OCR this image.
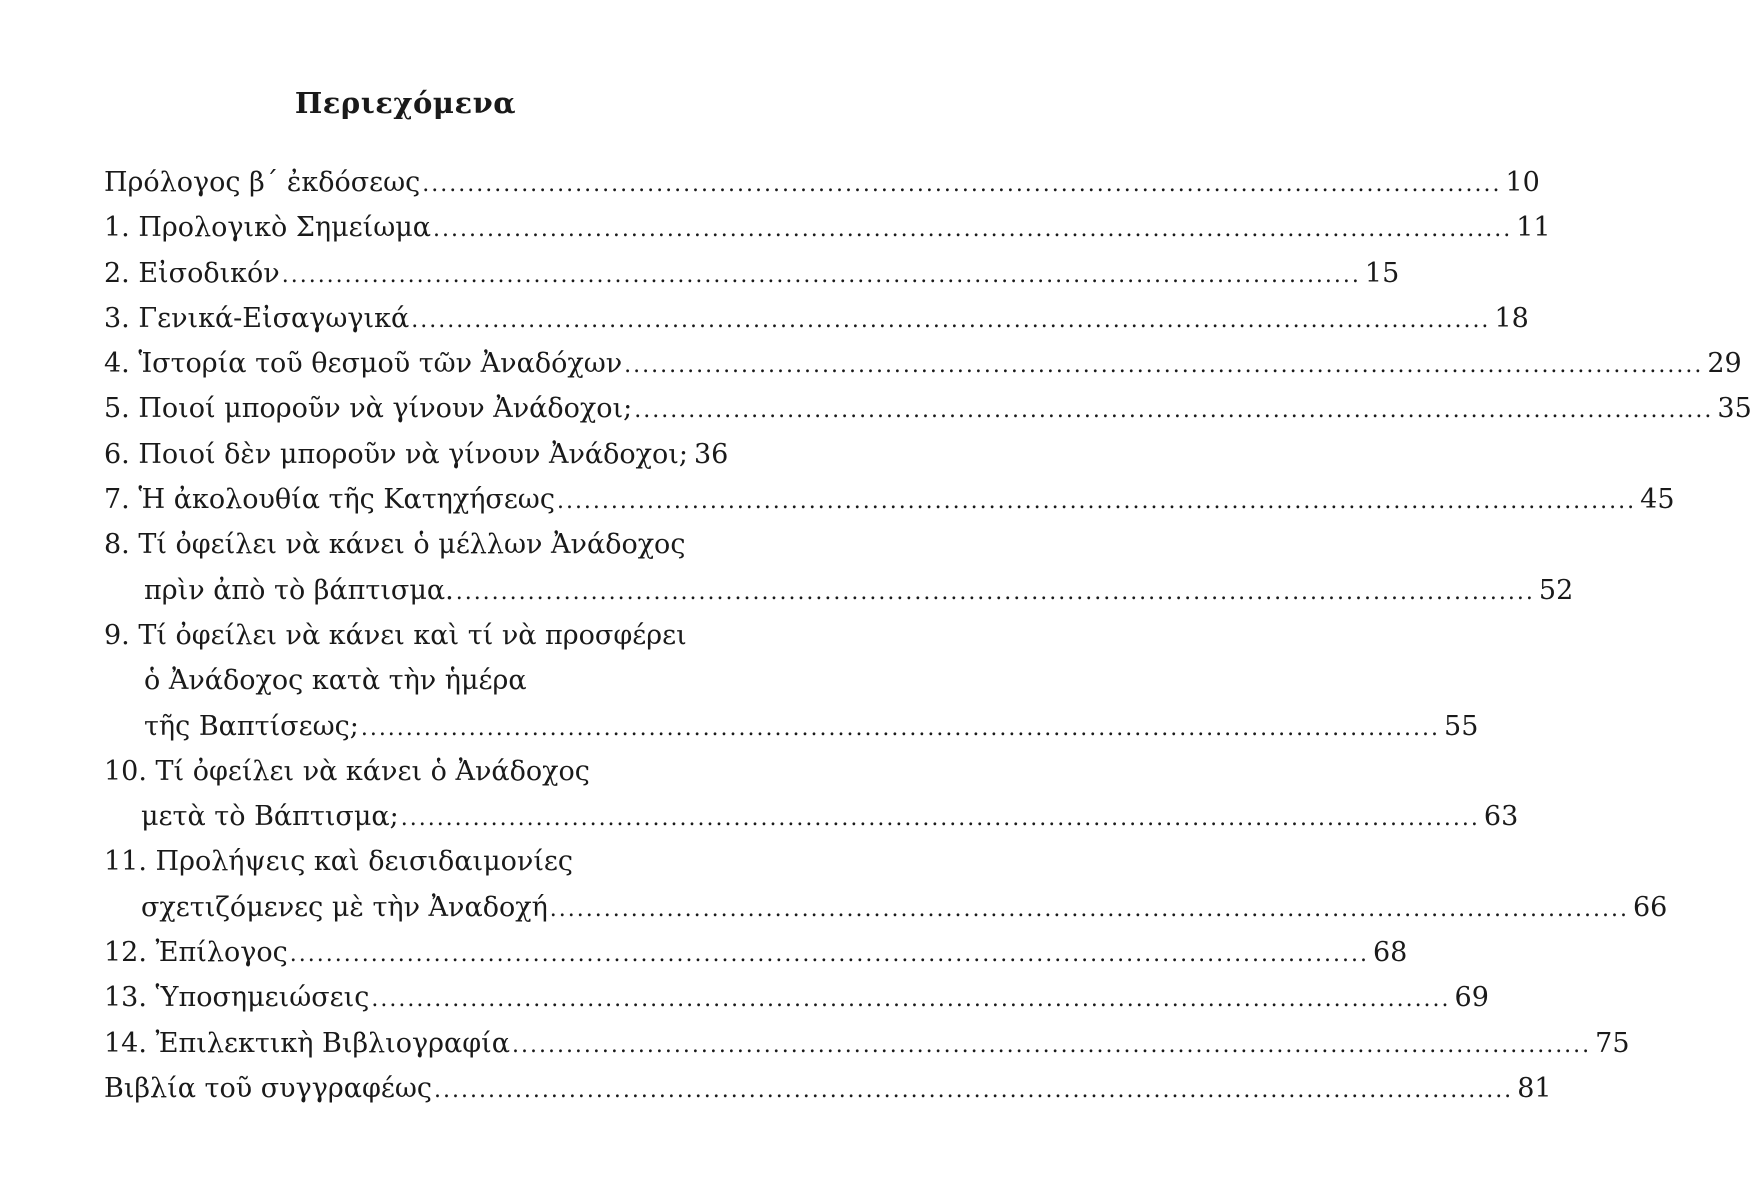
Περιεχόμενα
Πρόλογος β΄ ἐκδόσεως ........................................................................................................................ 10
1. Προλογικὸ Σημείωμα ........................................................................................................................ 11
2. Εἰσοδικόν ........................................................................................................................ 15
3. Γενικά-Εἰσαγωγικά ........................................................................................................................ 18
4. Ἱστορία τοῦ θεσμοῦ τῶν Ἀναδόχων ........................................................................................................................ 29
5. Ποιοί μποροῦν νὰ γίνουν Ἀνάδοχοι; ........................................................................................................................ 35
6. Ποιοί δὲν μποροῦν νὰ γίνουν Ἀνάδοχοι; 36
7. Ἡ ἀκολουθία τῆς Κατηχήσεως ........................................................................................................................ 45
8. Τί ὀφείλει νὰ κάνει ὁ μέλλων Ἀνάδοχος
πρὶν ἀπὸ τὸ βάπτισμα. ........................................................................................................................ 52
9. Τί ὀφείλει νὰ κάνει καὶ τί νὰ προσφέρει
ὁ Ἀνάδοχος κατὰ τὴν ἡμέρα
τῆς Βαπτίσεως; ........................................................................................................................ 55
10. Τί ὀφείλει νὰ κάνει ὁ Ἀνάδοχος
μετὰ τὸ Βάπτισμα; ........................................................................................................................ 63
11. Προλήψεις καὶ δεισιδαιμονίες
σχετιζόμενες μὲ τὴν Ἀναδοχή ........................................................................................................................ 66
12. Ἐπίλογος ........................................................................................................................ 68
13. Ὑποσημειώσεις ........................................................................................................................ 69
14. Ἐπιλεκτικὴ Βιβλιογραφία ........................................................................................................................ 75
Βιβλία τοῦ συγγραφέως ........................................................................................................................ 81
